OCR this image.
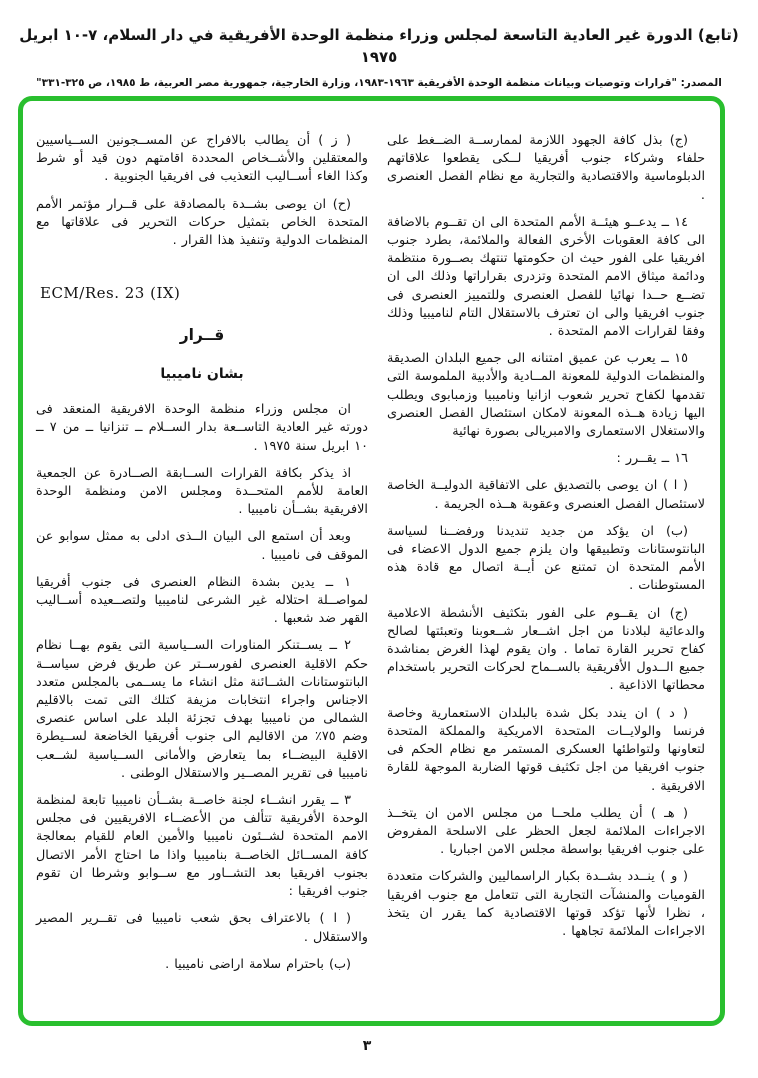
(تابع) الدورة غير العادية التاسعة لمجلس وزراء منظمة الوحدة الأفريقية في دار السلام، ٧-١٠ ابريل ١٩٧٥
المصدر: "قرارات وتوصيات وبيانات منظمة الوحدة الأفريقية ١٩٦٣-١٩٨٣، وزارة الخارجية، جمهورية مصر العربية، ط ١٩٨٥، ص ٣٢٥-٣٣١"

(ج) بذل كافة الجهود اللازمة لممارســة الضــغط على حلفاء وشركاء جنوب أفريقيا لــكى يقطعوا علاقاتهم الدبلوماسية والاقتصادية والتجارية مع نظام الفصل العنصرى .

١٤ ــ يدعــو هيئــة الأمم المتحدة الى ان تقــوم بالاضافة الى كافة العقوبات الأخرى الفعالة والملائمة، بطرد جنوب افريقيا على الفور حيث ان حكومتها تنتهك بصــورة منتظمة ودائمة ميثاق الامم المتحدة وتزدرى بقراراتها وذلك الى ان تضــع حــدا نهائيا للفصل العنصرى وللتمييز العنصرى فى جنوب افريقيا والى ان تعترف بالاستقلال التام لناميبيا وذلك وفقا لقرارات الامم المتحدة .

١٥ ــ يعرب عن عميق امتنانه الى جميع البلدان الصديقة والمنظمات الدولية للمعونة المــادية والأدبية الملموسة التى تقدمها لكفاح تحرير شعوب ازانيا وناميبيا وزمبابوى ويطلب اليها زيادة هــذه المعونة لامكان استئصال الفصل العنصرى والاستغلال الاستعمارى والامبريالى بصورة نهائية

١٦ ــ يقــرر :

( ا ) ان يوصى بالتصديق على الاتفاقية الدوليــة الخاصة لاستئصال الفصل العنصرى وعقوبة هــذه الجريمة .

(ب) ان يؤكد من جديد تنديدنا ورفضــنا لسياسة البانتوستانات وتطبيقها وان يلزم جميع الدول الاعضاء فى الأمم المتحدة ان تمتنع عن أيــة اتصال مع قادة هذه المستوطنات .

(ج) ان يقــوم على الفور بتكثيف الأنشطة الاعلامية والدعائية لبلادنا من اجل اشــعار شــعوبنا وتعبئتها لصالح كفاح تحرير القارة تماما . وان يقوم لهذا الغرض بمناشدة جميع الــدول الأفريقية بالســماح لحركات التحرير باستخدام محطاتها الاذاعية .

( د ) ان يندد بكل شدة بالبلدان الاستعمارية وخاصة فرنسا والولايــات المتحدة الامريكية والمملكة المتحدة لتعاونها ولتواطئها العسكرى المستمر مع نظام الحكم فى جنوب افريقيا من اجل تكثيف قوتها الضاربة الموجهة للقارة الافريقية .

( هـ ) أن يطلب ملحــا من مجلس الامن ان يتخــذ الاجراءات الملائمة لجعل الحظر على الاسلحة المفروض على جنوب افريقيا بواسطة مجلس الامن اجباريا .

( و ) ينــدد بشــدة بكبار الراسماليين والشركات متعددة القوميات والمنشآت التجارية التى تتعامل مع جنوب افريقيا ، نظرا لأنها تؤكد قوتها الاقتصادية كما يقرر ان يتخذ الاجراءات الملائمة تجاهها .

( ز ) أن يطالب بالافراج عن المســجونين الســياسيين والمعتقلين والأشــخاص المحددة اقامتهم دون قيد أو شرط وكذا الغاء أســاليب التعذيب فى افريقيا الجنوبية .

(ح) ان يوصى بشــدة بالمصادقة على قــرار مؤتمر الأمم المتحدة الخاص بتمثيل حركات التحرير فى علاقاتها مع المنظمات الدولية وتنفيذ هذا القرار .

ECM/Res. 23 (IX)
قــرار
بشان ناميبيا

ان مجلس وزراء منظمة الوحدة الافريقية المنعقد فى دورته غير العادية التاســعة بدار الســلام ــ تنزانيا ــ من ٧ ــ ١٠ ابريل سنة ١٩٧٥ .

اذ يذكر بكافة القرارات الســابقة الصــادرة عن الجمعية العامة للأمم المتحــدة ومجلس الامن ومنظمة الوحدة الافريقية بشــأن ناميبيا .

وبعد أن استمع الى البيان الــذى ادلى به ممثل سوابو عن الموقف فى ناميبيا .

١ ــ يدين بشدة النظام العنصرى فى جنوب أفريقيا لمواصــلة احتلاله غير الشرعى لناميبيا ولتصــعيده أســاليب القهر ضد شعبها .

٢ ــ يســتنكر المناورات الســياسية التى يقوم بهــا نظام حكم الاقلية العنصرى لفورســتر عن طريق فرض سياســة البانتوستانات الشــائنة مثل انشاء ما يســمى بالمجلس متعدد الاجناس واجراء انتخابات مزيفة كتلك التى تمت بالاقليم الشمالى من ناميبيا بهدف تجزئة البلد على اساس عنصرى وضم ٧٥٪ من الاقاليم الى جنوب أفريقيا الخاضعة لســيطرة الاقلية البيضــاء بما يتعارض والأمانى الســياسية لشــعب ناميبيا فى تقرير المصــير والاستقلال الوطنى .

٣ ــ يقرر انشــاء لجنة خاصــة بشــأن ناميبيا تابعة لمنظمة الوحدة الأفريقية تتألف من الأعضــاء الافريقيين فى مجلس الامم المتحدة لشــئون ناميبيا والأمين العام للقيام بمعالجة كافة المســائل الخاصــة بناميبيا واذا ما احتاج الأمر الاتصال بجنوب افريقيا بعد التشــاور مع ســوابو وشرطا ان تقوم جنوب افريقيا :

( ا ) بالاعتراف بحق شعب ناميبيا فى تقــرير المصير والاستقلال .

(ب) باحترام سلامة اراضى ناميبيا .

٣
